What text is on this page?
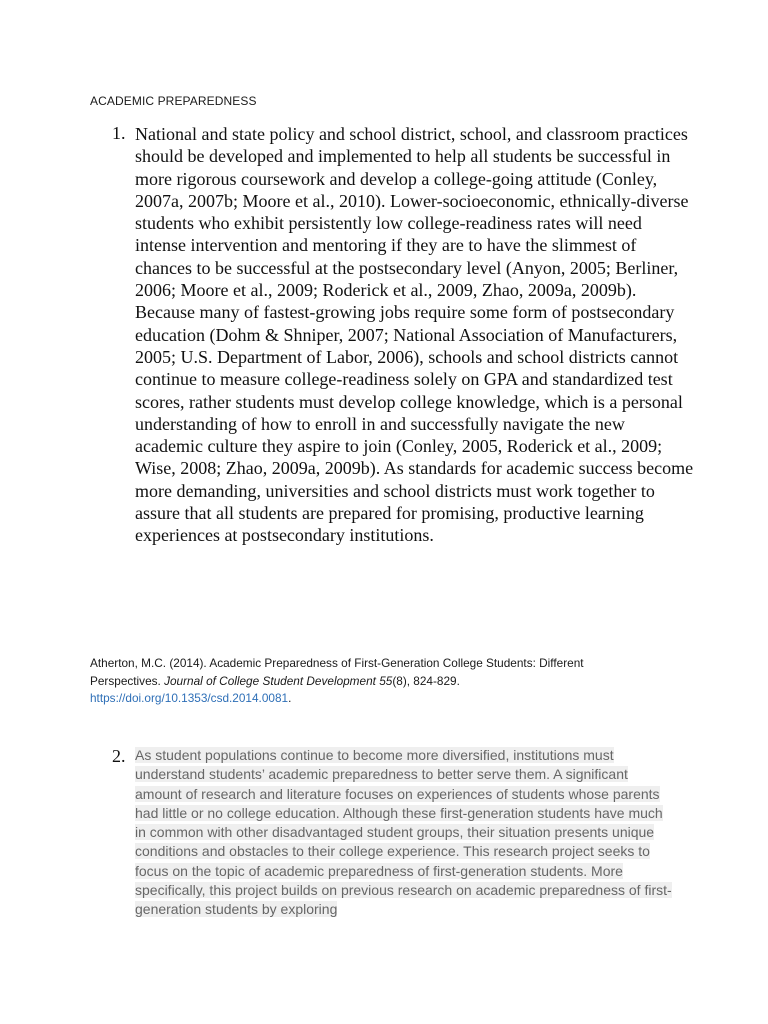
ACADEMIC PREPAREDNESS
1. National and state policy and school district, school, and classroom practices should be developed and implemented to help all students be successful in more rigorous coursework and develop a college-going attitude (Conley, 2007a, 2007b; Moore et al., 2010). Lower-socioeconomic, ethnically-diverse students who exhibit persistently low college-readiness rates will need intense intervention and mentoring if they are to have the slimmest of chances to be successful at the postsecondary level (Anyon, 2005; Berliner, 2006; Moore et al., 2009; Roderick et al., 2009, Zhao, 2009a, 2009b). Because many of fastest-growing jobs require some form of postsecondary education (Dohm & Shniper, 2007; National Association of Manufacturers, 2005; U.S. Department of Labor, 2006), schools and school districts cannot continue to measure college-readiness solely on GPA and standardized test scores, rather students must develop college knowledge, which is a personal understanding of how to enroll in and successfully navigate the new academic culture they aspire to join (Conley, 2005, Roderick et al., 2009; Wise, 2008; Zhao, 2009a, 2009b). As standards for academic success become more demanding, universities and school districts must work together to assure that all students are prepared for promising, productive learning experiences at postsecondary institutions.
Atherton, M.C. (2014). Academic Preparedness of First-Generation College Students: Different Perspectives. Journal of College Student Development 55(8), 824-829. https://doi.org/10.1353/csd.2014.0081.
2. As student populations continue to become more diversified, institutions must understand students’ academic preparedness to better serve them. A significant amount of research and literature focuses on experiences of students whose parents had little or no college education. Although these first-generation students have much in common with other disadvantaged student groups, their situation presents unique conditions and obstacles to their college experience. This research project seeks to focus on the topic of academic preparedness of first-generation students. More specifically, this project builds on previous research on academic preparedness of first-generation students by exploring
